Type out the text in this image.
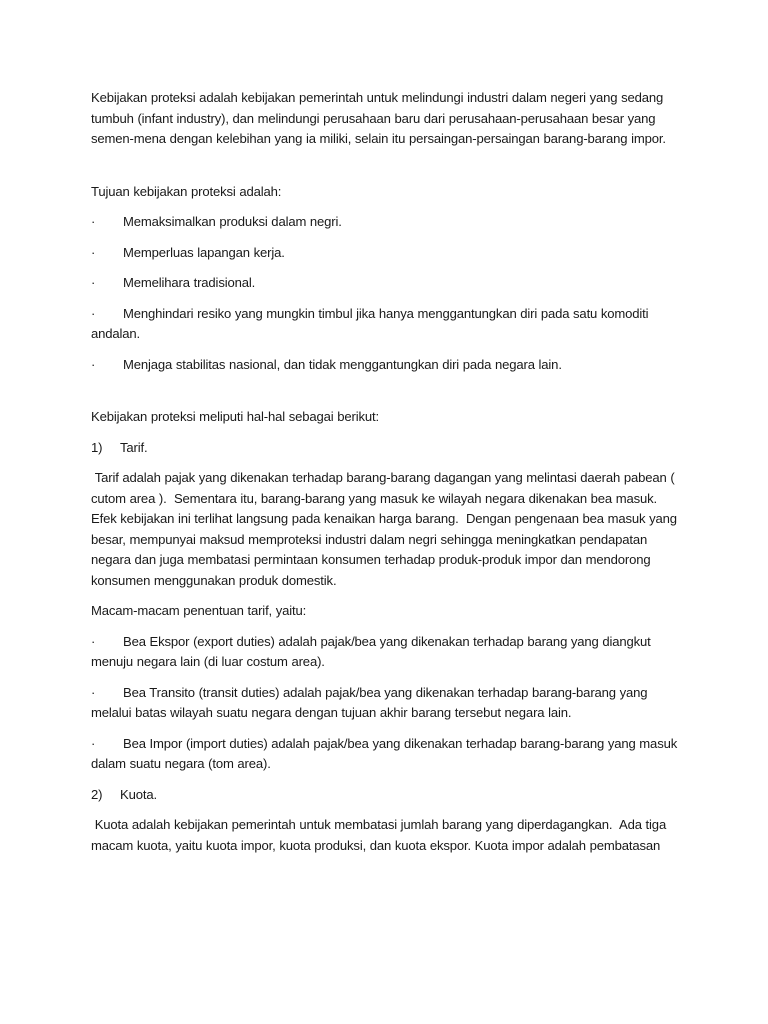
Kebijakan proteksi adalah kebijakan pemerintah untuk melindungi industri dalam negeri yang sedang tumbuh (infant industry), dan melindungi perusahaan baru dari perusahaan-perusahaan besar yang semen-mena dengan kelebihan yang ia miliki, selain itu persaingan-persaingan barang-barang impor.

Tujuan kebijakan proteksi adalah:

· Memaksimalkan produksi dalam negri.

· Memperluas lapangan kerja.

· Memelihara tradisional.

· Menghindari resiko yang mungkin timbul jika hanya menggantungkan diri pada satu komoditi andalan.

· Menjaga stabilitas nasional, dan tidak menggantungkan diri pada negara lain.

Kebijakan proteksi meliputi hal-hal sebagai berikut:

1) Tarif.

Tarif adalah pajak yang dikenakan terhadap barang-barang dagangan yang melintasi daerah pabean ( cutom area ).  Sementara itu, barang-barang yang masuk ke wilayah negara dikenakan bea masuk.  Efek kebijakan ini terlihat langsung pada kenaikan harga barang.  Dengan pengenaan bea masuk yang besar, mempunyai maksud memproteksi industri dalam negri sehingga meningkatkan pendapatan negara dan juga membatasi permintaan konsumen terhadap produk-produk impor dan mendorong konsumen menggunakan produk domestik.

Macam-macam penentuan tarif, yaitu:

· Bea Ekspor (export duties) adalah pajak/bea yang dikenakan terhadap barang yang diangkut menuju negara lain (di luar costum area).

· Bea Transito (transit duties) adalah pajak/bea yang dikenakan terhadap barang-barang yang melalui batas wilayah suatu negara dengan tujuan akhir barang tersebut negara lain.

· Bea Impor (import duties) adalah pajak/bea yang dikenakan terhadap barang-barang yang masuk dalam suatu negara (tom area).

2) Kuota.

Kuota adalah kebijakan pemerintah untuk membatasi jumlah barang yang diperdagangkan.  Ada tiga macam kuota, yaitu kuota impor, kuota produksi, dan kuota ekspor. Kuota impor adalah pembatasan
